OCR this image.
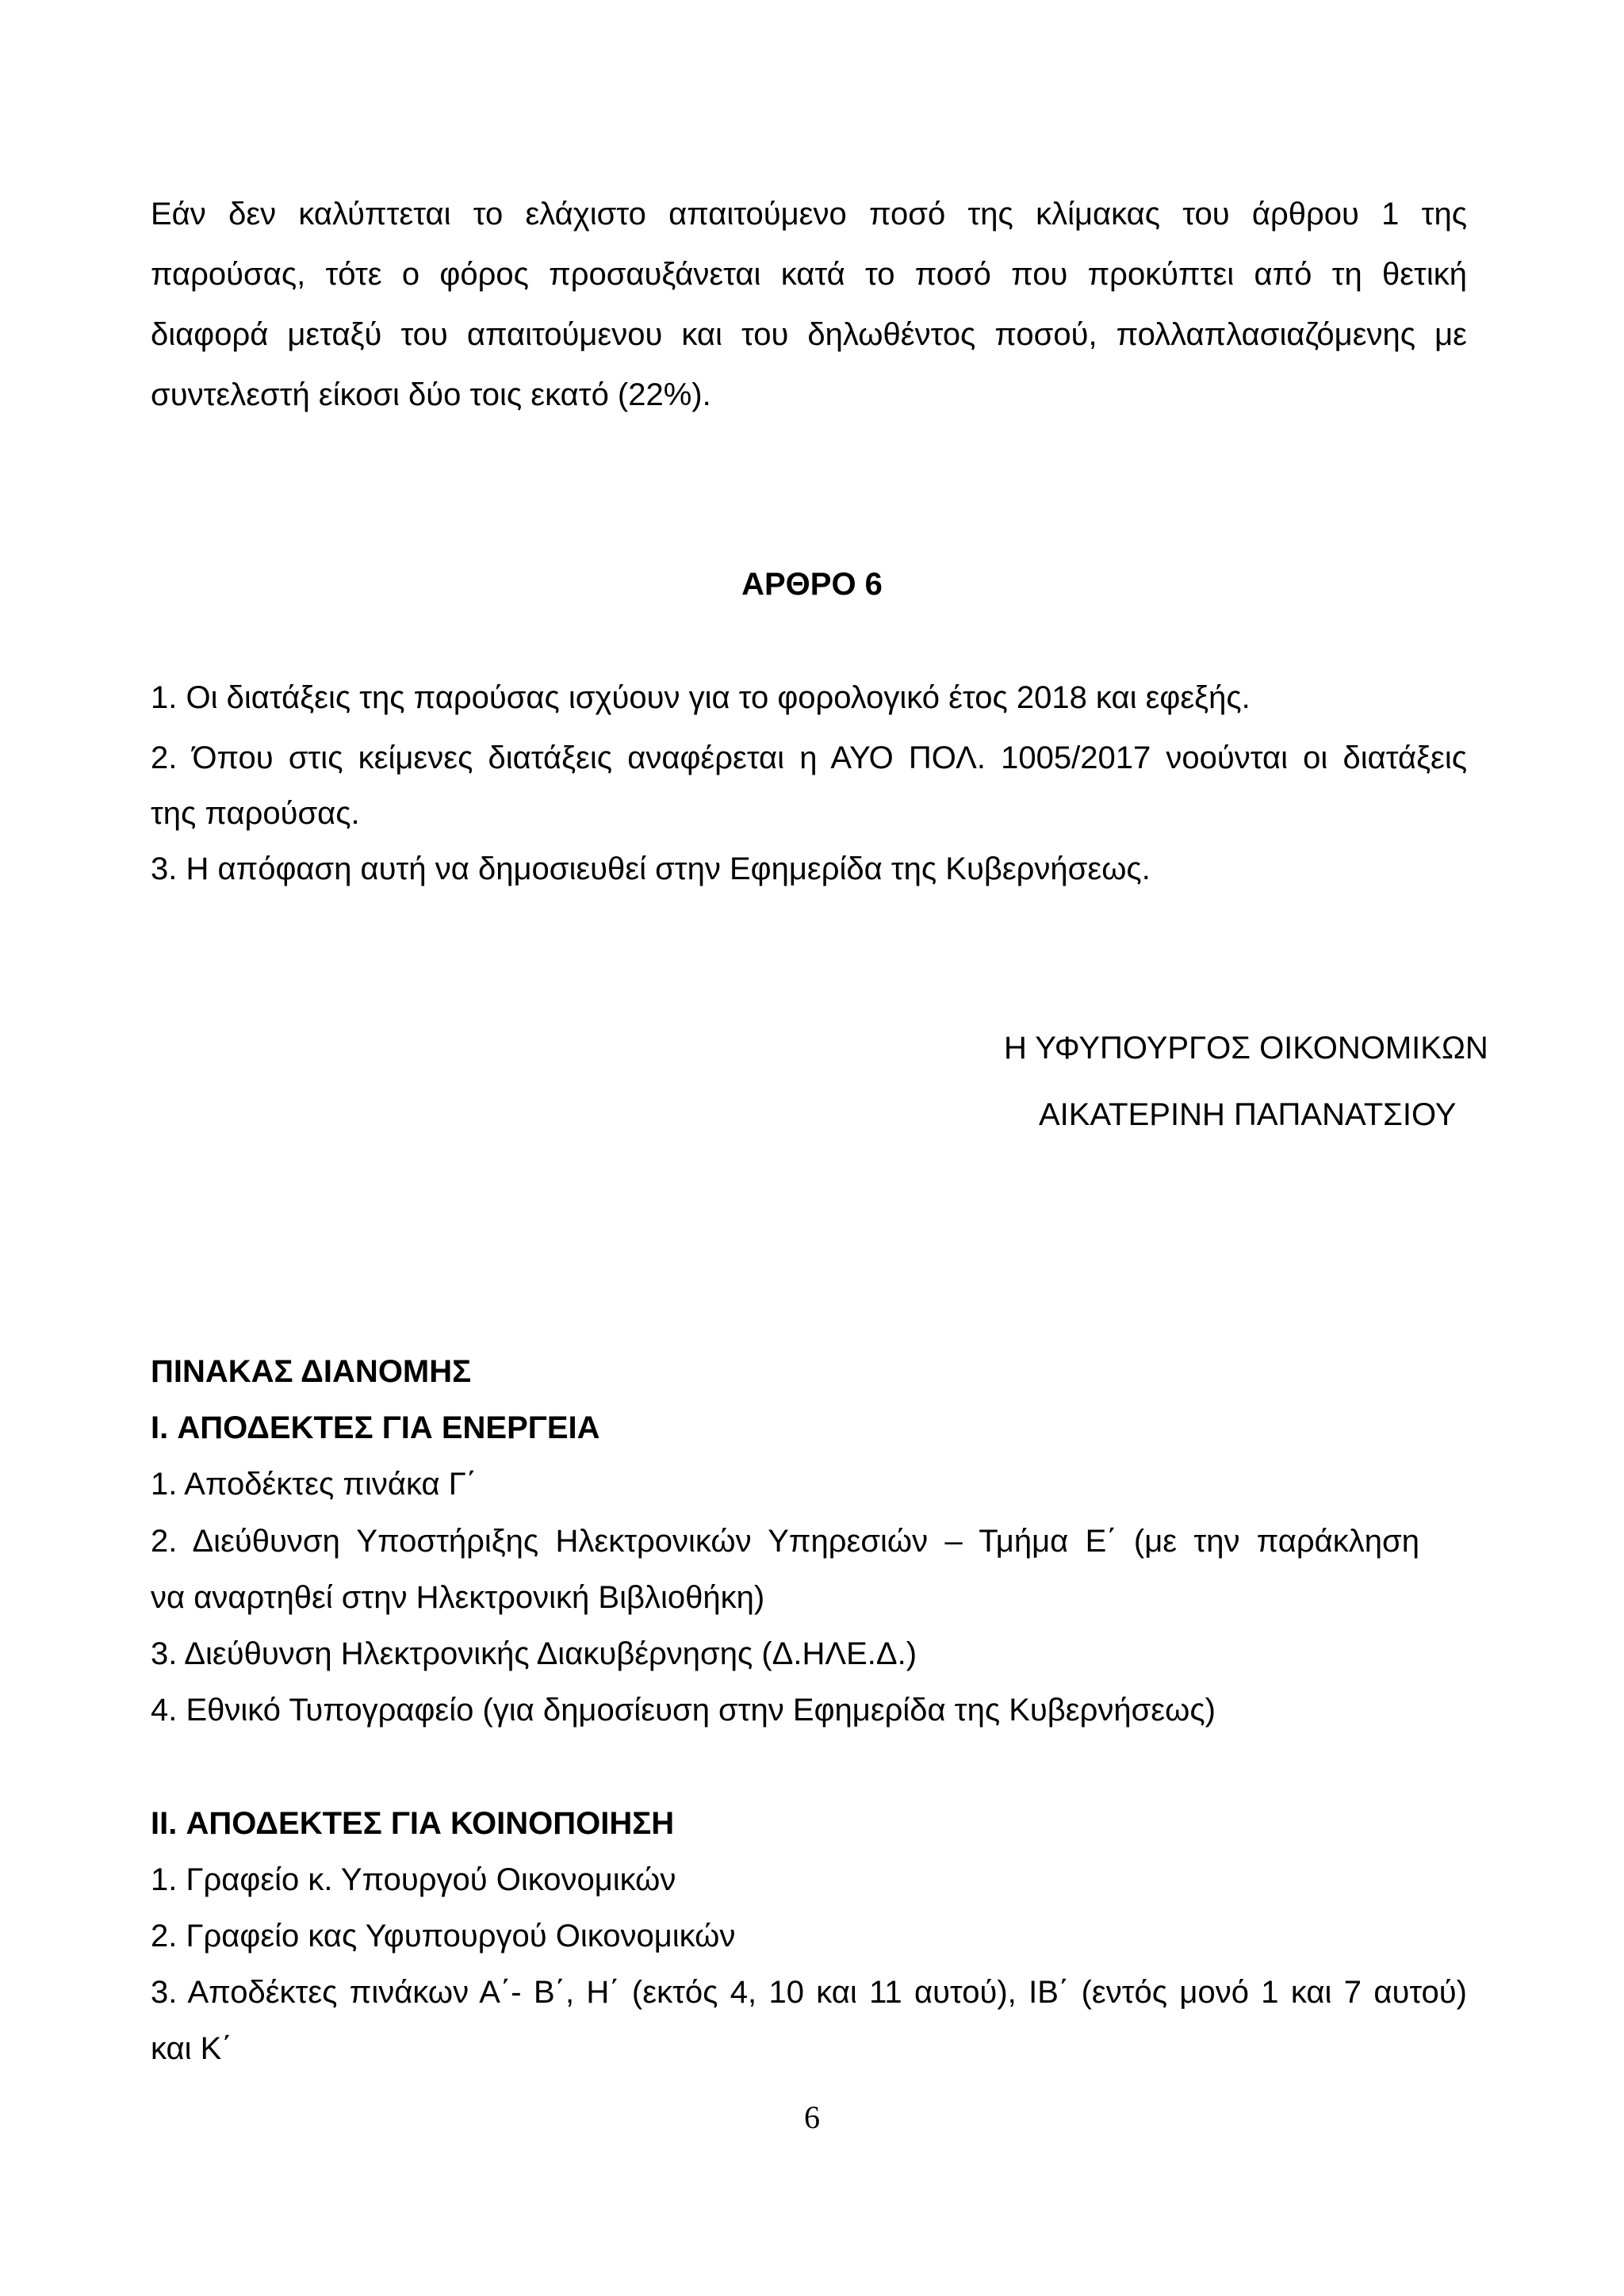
Εάν δεν καλύπτεται το ελάχιστο απαιτούμενο ποσό της κλίμακας του άρθρου 1 της

παρούσας, τότε ο φόρος προσαυξάνεται κατά το ποσό που προκύπτει από τη θετική

διαφορά μεταξύ του απαιτούμενου και του δηλωθέντος ποσού, πολλαπλασιαζόμενης με

συντελεστή είκοσι δύο τοις εκατό (22%).

ΑΡΘΡΟ 6

1. Οι διατάξεις της παρούσας ισχύουν για το φορολογικό έτος 2018 και εφεξής.

2. Όπου στις κείμενες διατάξεις αναφέρεται η ΑΥΟ ΠΟΛ. 1005/2017 νοούνται οι διατάξεις

της παρούσας.

3. Η απόφαση αυτή να δημοσιευθεί στην Εφημερίδα της Κυβερνήσεως.

Η ΥΦΥΠΟΥΡΓΟΣ ΟΙΚΟΝΟΜΙΚΩΝ

ΑΙΚΑΤΕΡΙΝΗ ΠΑΠΑΝΑΤΣΙΟΥ

ΠΙΝΑΚΑΣ ΔΙΑΝΟΜΗΣ

I. ΑΠΟΔΕΚΤΕΣ ΓΙΑ ΕΝΕΡΓΕΙΑ

1. Αποδέκτες πινάκα Γ΄

2. Διεύθυνση Υποστήριξης Ηλεκτρονικών Υπηρεσιών – Τμήμα Ε΄ (με την παράκληση

να αναρτηθεί στην Ηλεκτρονική Βιβλιοθήκη)

3. Διεύθυνση Ηλεκτρονικής Διακυβέρνησης (Δ.ΗΛΕ.Δ.)

4. Εθνικό Τυπογραφείο (για δημοσίευση στην Εφημερίδα της Κυβερνήσεως)

II. ΑΠΟΔΕΚΤΕΣ ΓΙΑ ΚΟΙΝΟΠΟΙΗΣΗ

1. Γραφείο κ. Υπουργού Οικονομικών

2. Γραφείο κας Υφυπουργού Οικονομικών

3. Αποδέκτες πινάκων Α΄- Β΄, Η΄ (εκτός 4, 10 και 11 αυτού), ΙΒ΄ (εντός μονό 1 και 7 αυτού)

και Κ΄

6
